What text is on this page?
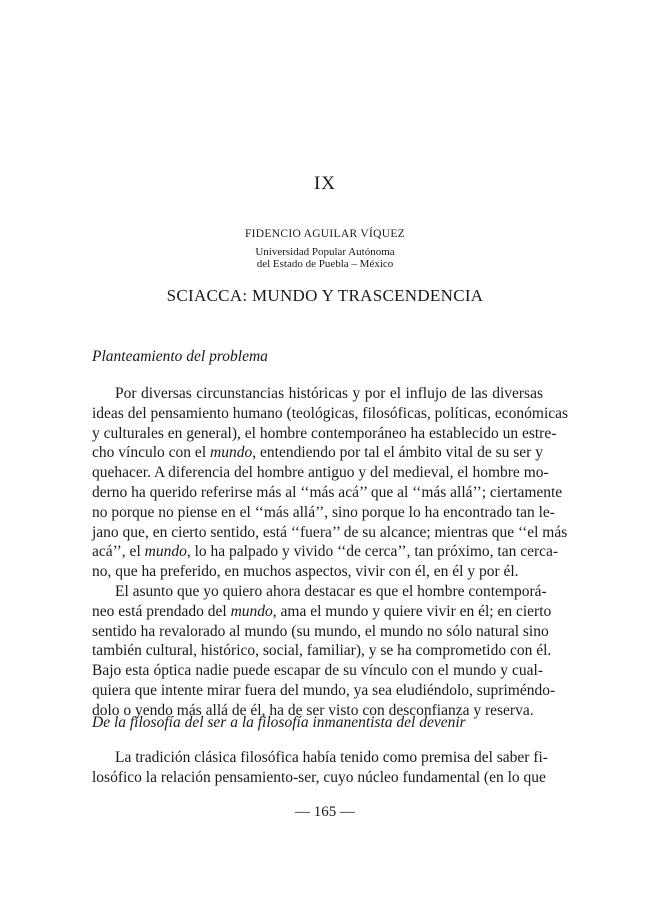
IX
FIDENCIO AGUILAR VÍQUEZ
Universidad Popular Autónoma
del Estado de Puebla – México
SCIACCA: MUNDO Y TRASCENDENCIA
Planteamiento del problema
Por diversas circunstancias históricas y por el influjo de las diversas
ideas del pensamiento humano (teológicas, filosóficas, políticas, económicas
y culturales en general), el hombre contemporáneo ha establecido un estre-
cho vínculo con el mundo, entendiendo por tal el ámbito vital de su ser y
quehacer. A diferencia del hombre antiguo y del medieval, el hombre mo-
derno ha querido referirse más al ‘‘más acá’’ que al ‘‘más allá’’; ciertamente
no porque no piense en el ‘‘más allá’’, sino porque lo ha encontrado tan le-
jano que, en cierto sentido, está ‘‘fuera’’ de su alcance; mientras que ‘‘el más
acá’’, el mundo, lo ha palpado y vivido ‘‘de cerca’’, tan próximo, tan cerca-
no, que ha preferido, en muchos aspectos, vivir con él, en él y por él.
El asunto que yo quiero ahora destacar es que el hombre contemporá-
neo está prendado del mundo, ama el mundo y quiere vivir en él; en cierto
sentido ha revalorado al mundo (su mundo, el mundo no sólo natural sino
también cultural, histórico, social, familiar), y se ha comprometido con él.
Bajo esta óptica nadie puede escapar de su vínculo con el mundo y cual-
quiera que intente mirar fuera del mundo, ya sea eludiéndolo, supriméndo-
dolo o yendo más allá de él, ha de ser visto con desconfianza y reserva.
De la filosofía del ser a la filosofía inmanentista del devenir
La tradición clásica filosófica había tenido como premisa del saber fi-
losófico la relación pensamiento-ser, cuyo núcleo fundamental (en lo que
— 165 —
